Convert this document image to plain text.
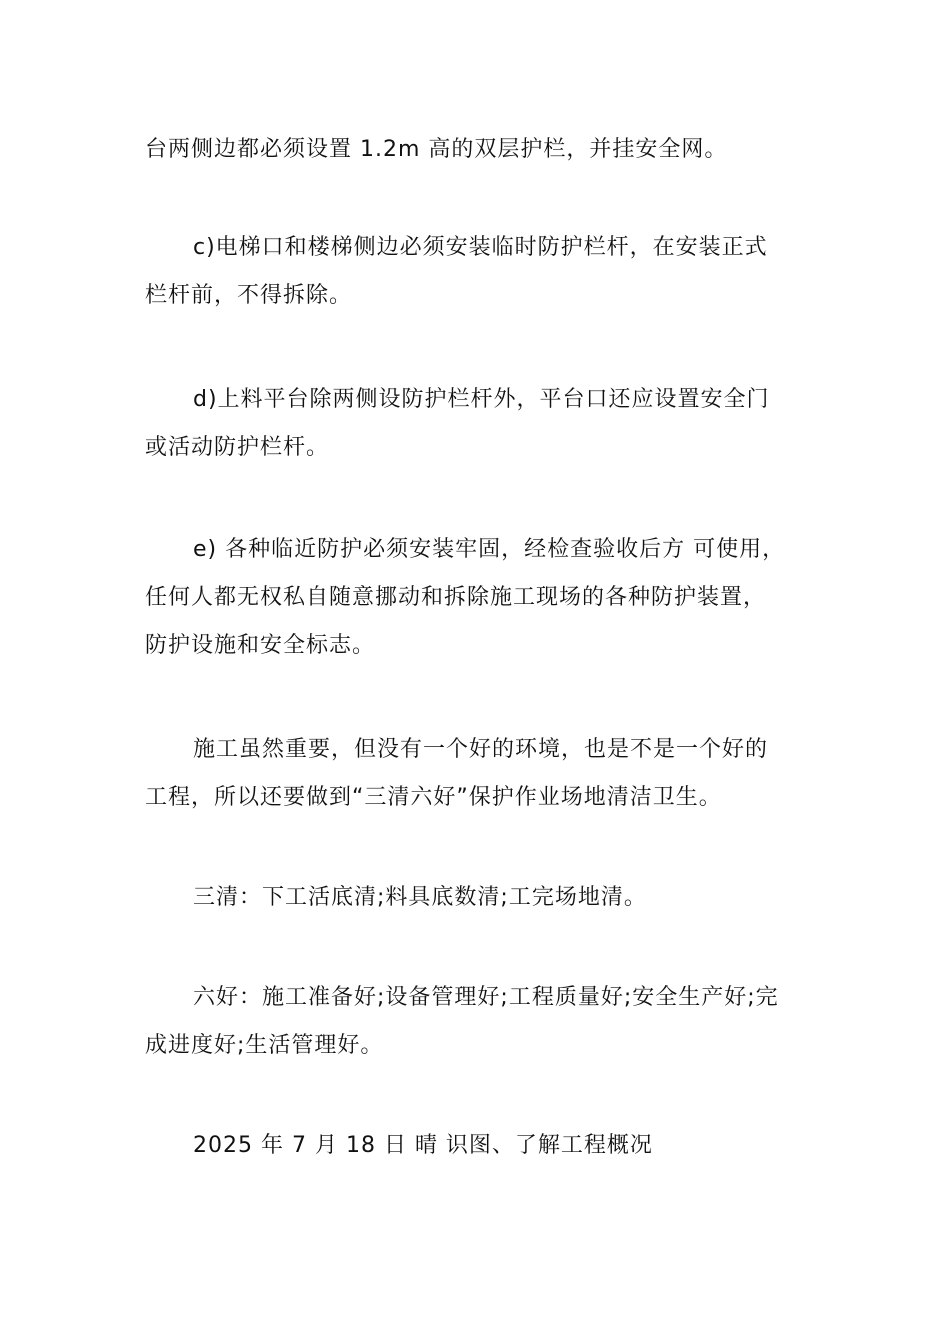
台两侧边都必须设置 1.2m 高的双层护栏，并挂安全网。

c)电梯口和楼梯侧边必须安装临时防护栏杆，在安装正式
栏杆前，不得拆除。

d)上料平台除两侧设防护栏杆外，平台口还应设置安全门
或活动防护栏杆。

e) 各种临近防护必须安装牢固，经检查验收后方 可使用，
任何人都无权私自随意挪动和拆除施工现场的各种防护装置，
防护设施和安全标志。

施工虽然重要，但没有一个好的环境，也是不是一个好的
工程，所以还要做到“三清六好”保护作业场地清洁卫生。

三清：下工活底清;料具底数清;工完场地清。

六好：施工准备好;设备管理好;工程质量好;安全生产好;完
成进度好;生活管理好。

2025 年 7 月 18 日 晴 识图、了解工程概况
